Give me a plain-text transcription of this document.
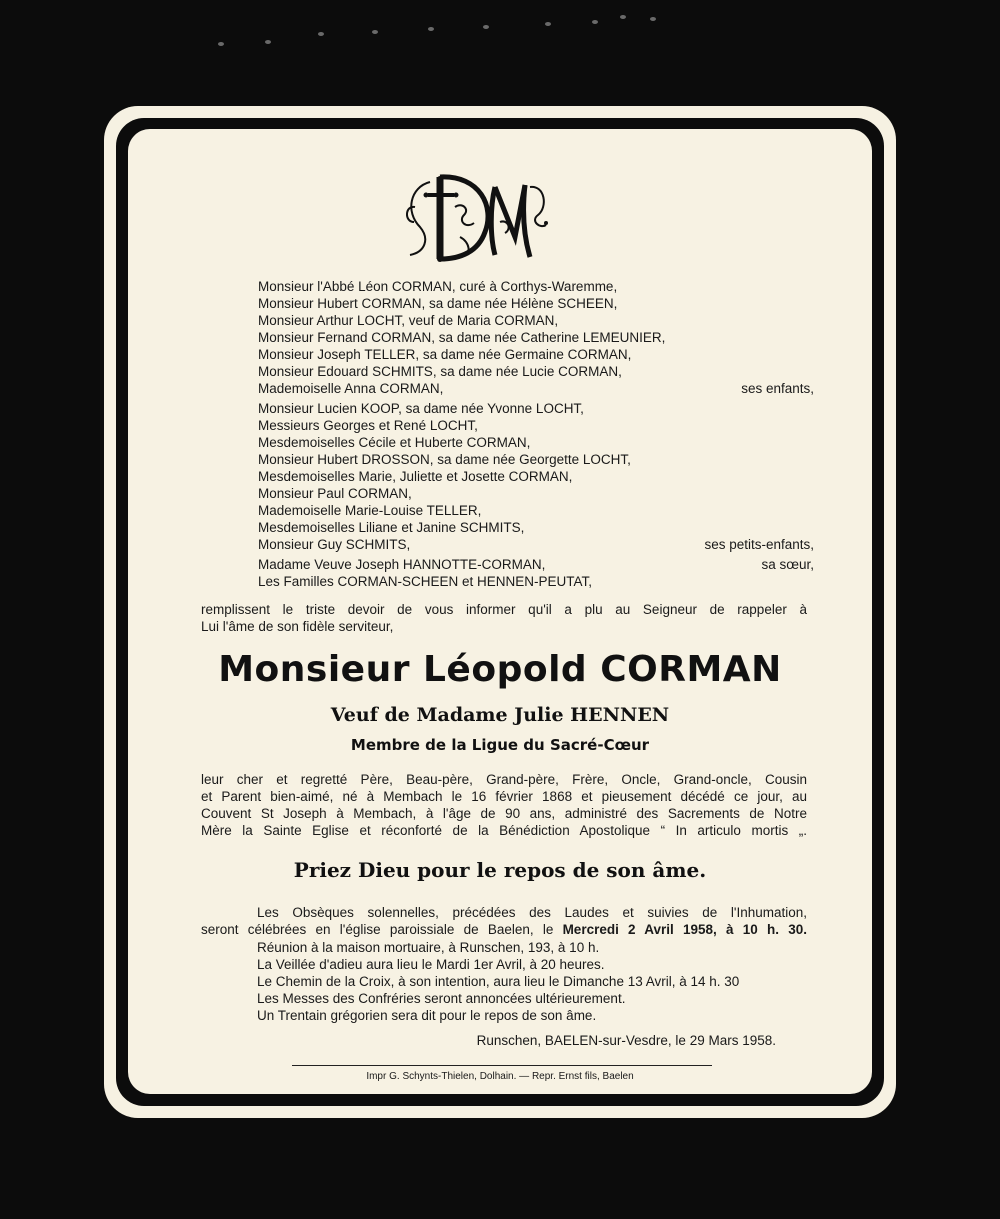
Monsieur l'Abbé Léon CORMAN, curé à Corthys-Waremme,
Monsieur Hubert CORMAN, sa dame née Hélène SCHEEN,
Monsieur Arthur LOCHT, veuf de Maria CORMAN,
Monsieur Fernand CORMAN, sa dame née Catherine LEMEUNIER,
Monsieur Joseph TELLER, sa dame née Germaine CORMAN,
Monsieur Edouard SCHMITS, sa dame née Lucie CORMAN,
Mademoiselle Anna CORMAN,	ses enfants,
Monsieur Lucien KOOP, sa dame née Yvonne LOCHT,
Messieurs Georges et René LOCHT,
Mesdemoiselles Cécile et Huberte CORMAN,
Monsieur Hubert DROSSON, sa dame née Georgette LOCHT,
Mesdemoiselles Marie, Juliette et Josette CORMAN,
Monsieur Paul CORMAN,
Mademoiselle Marie-Louise TELLER,
Mesdemoiselles Liliane et Janine SCHMITS,
Monsieur Guy SCHMITS,	ses petits-enfants,
Madame Veuve Joseph HANNOTTE-CORMAN,	sa sœur,
Les Familles CORMAN-SCHEEN et HENNEN-PEUTAT,
remplissent le triste devoir de vous informer qu'il a plu au Seigneur de rappeler à
Lui l'âme de son fidèle serviteur,
Monsieur Léopold CORMAN
Veuf de Madame Julie HENNEN
Membre de la Ligue du Sacré-Cœur
leur cher et regretté Père, Beau-père, Grand-père, Frère, Oncle, Grand-oncle, Cousin
et Parent bien-aimé, né à Membach le 16 février 1868 et pieusement décédé ce jour, au
Couvent St Joseph à Membach, à l'âge de 90 ans, administré des Sacrements de Notre
Mère la Sainte Eglise et réconforté de la Bénédiction Apostolique “ In articulo mortis „.
Priez Dieu pour le repos de son âme.
Les Obsèques solennelles, précédées des Laudes et suivies de l'Inhumation,
seront célébrées en l'église paroissiale de Baelen, le Mercredi 2 Avril 1958, à 10 h. 30.
Réunion à la maison mortuaire, à Runschen, 193, à 10 h.
La Veillée d'adieu aura lieu le Mardi 1er Avril, à 20 heures.
Le Chemin de la Croix, à son intention, aura lieu le Dimanche 13 Avril, à 14 h. 30
Les Messes des Confréries seront annoncées ultérieurement.
Un Trentain grégorien sera dit pour le repos de son âme.
Runschen, BAELEN-sur-Vesdre, le 29 Mars 1958.
Impr G. Schynts-Thielen, Dolhain. — Repr. Ernst fils, Baelen
